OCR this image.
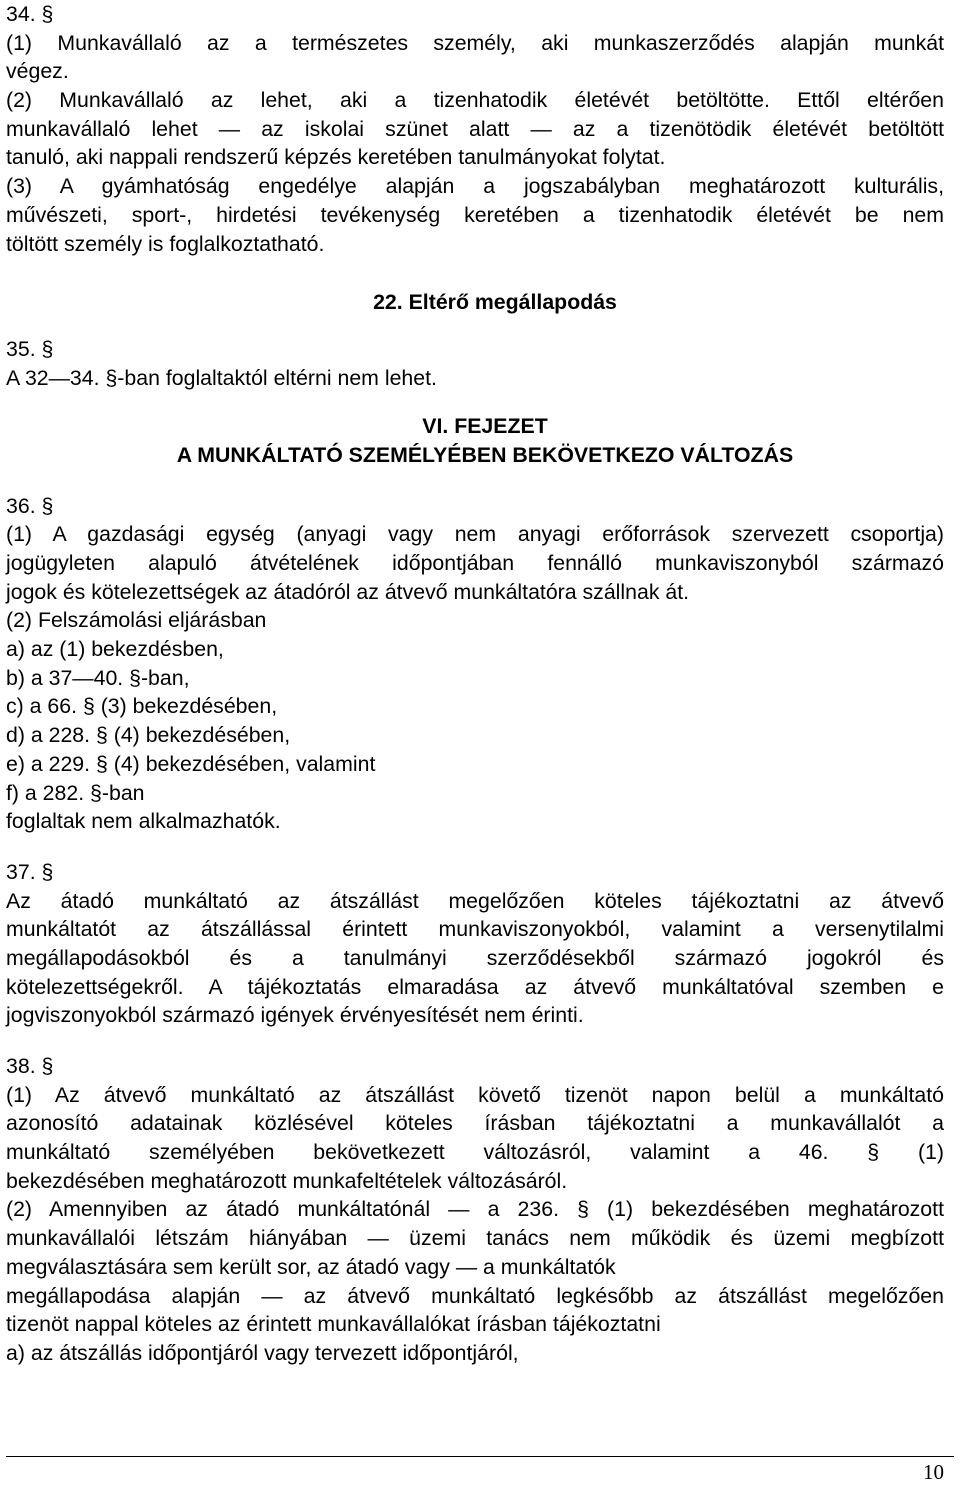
34. §
(1) Munkavállaló az a természetes személy, aki munkaszerződés alapján munkát
végez.
(2) Munkavállaló az lehet, aki a tizenhatodik életévét betöltötte. Ettől eltérően
munkavállaló lehet — az iskolai szünet alatt — az a tizenötödik életévét betöltött
tanuló, aki nappali rendszerű képzés keretében tanulmányokat folytat.
(3) A gyámhatóság engedélye alapján a jogszabályban meghatározott kulturális,
művészeti, sport-, hirdetési tevékenység keretében a tizenhatodik életévét be nem
töltött személy is foglalkoztatható.
22. Eltérő megállapodás
35. §
A 32—34. §-ban foglaltaktól eltérni nem lehet.
VI. FEJEZET
A MUNKÁLTATÓ SZEMÉLYÉBEN BEKÖVETKEZO VÁLTOZÁS
36. §
(1) A gazdasági egység (anyagi vagy nem anyagi erőforrások szervezett csoportja)
jogügyleten alapuló átvételének időpontjában fennálló munkaviszonyból származó
jogok és kötelezettségek az átadóról az átvevő munkáltatóra szállnak át.
(2) Felszámolási eljárásban
a) az (1) bekezdésben,
b) a 37—40. §-ban,
c) a 66. § (3) bekezdésében,
d) a 228. § (4) bekezdésében,
e) a 229. § (4) bekezdésében, valamint
f) a 282. §-ban
foglaltak nem alkalmazhatók.
37. §
Az átadó munkáltató az átszállást megelőzően köteles tájékoztatni az átvevő
munkáltatót az átszállással érintett munkaviszonyokból, valamint a versenytilalmi
megállapodásokból és a tanulmányi szerződésekből származó jogokról és
kötelezettségekről. A tájékoztatás elmaradása az átvevő munkáltatóval szemben e
jogviszonyokból származó igények érvényesítését nem érinti.
38. §
(1) Az átvevő munkáltató az átszállást követő tizenöt napon belül a munkáltató
azonosító adatainak közlésével köteles írásban tájékoztatni a munkavállalót a
munkáltató személyében bekövetkezett változásról, valamint a 46. § (1)
bekezdésében meghatározott munkafeltételek változásáról.
(2) Amennyiben az átadó munkáltatónál — a 236. § (1) bekezdésében meghatározott
munkavállalói létszám hiányában — üzemi tanács nem működik és üzemi megbízott
megválasztására sem került sor, az átadó vagy — a munkáltatók
megállapodása alapján — az átvevő munkáltató legkésőbb az átszállást megelőzően
tizenöt nappal köteles az érintett munkavállalókat írásban tájékoztatni
a) az átszállás időpontjáról vagy tervezett időpontjáról,
10
